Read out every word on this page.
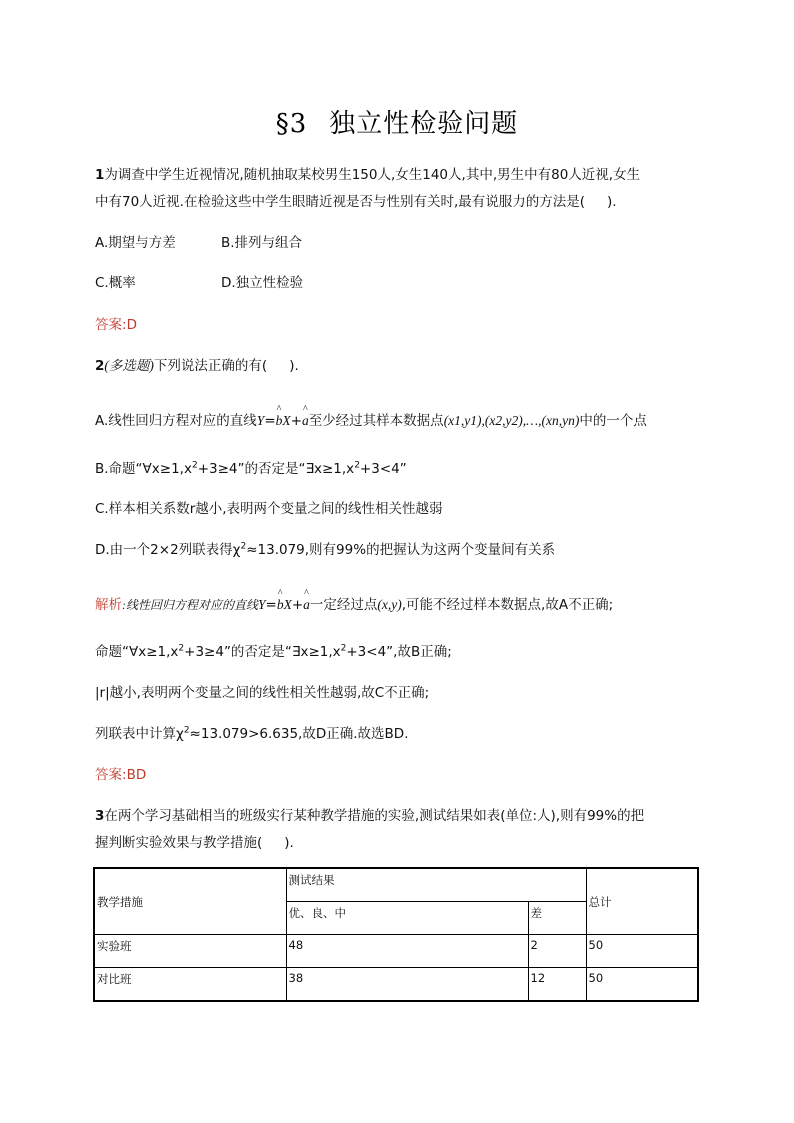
§3 独立性检验问题
1为调查中学生近视情况,随机抽取某校男生150人,女生140人,其中,男生中有80人近视,女生
中有70人近视.在检验这些中学生眼睛近视是否与性别有关时,最有说服力的方法是( ).
A.期望与方差	B.排列与组合
C.概率	D.独立性检验
答案:D
2(多选题)下列说法正确的有( ).
A.线性回归方程对应的直线Y=^ bX+^ a至少经过其样本数据点(x1,y1),(x2,y2),…,(xn,yn)中的一个点
B.命题“$\forall x\ge 1,x^2+3\ge 4$”的否定是“$\exists x\ge 1,x^2+3<4$”
C.样本相关系数r越小,表明两个变量之间的线性相关性越弱
D.由一个2×2列联表得$\chi^2\approx 13.079$,则有99%的把握认为这两个变量间有关系
解析:线性回归方程对应的直线Y=^ bX+^ a一定经过点(x,y),可能不经过样本数据点,故A不正确;
命题“$\forall x\ge 1,x^2+3\ge 4$”的否定是“$\exists x\ge 1,x^2+3<4$”,故B正确;
|r|越小,表明两个变量之间的线性相关性越弱,故C不正确;
列联表中计算$\chi^2\approx 13.079>6.635$,故D正确.故选BD.
答案:BD
3在两个学习基础相当的班级实行某种教学措施的实验,测试结果如表(单位:人),则有99%的把
握判断实验效果与教学措施( ).
教学措施	测试结果		总计
	优、良、中	差	
实验班	48	2	50
对比班	38	12	50
